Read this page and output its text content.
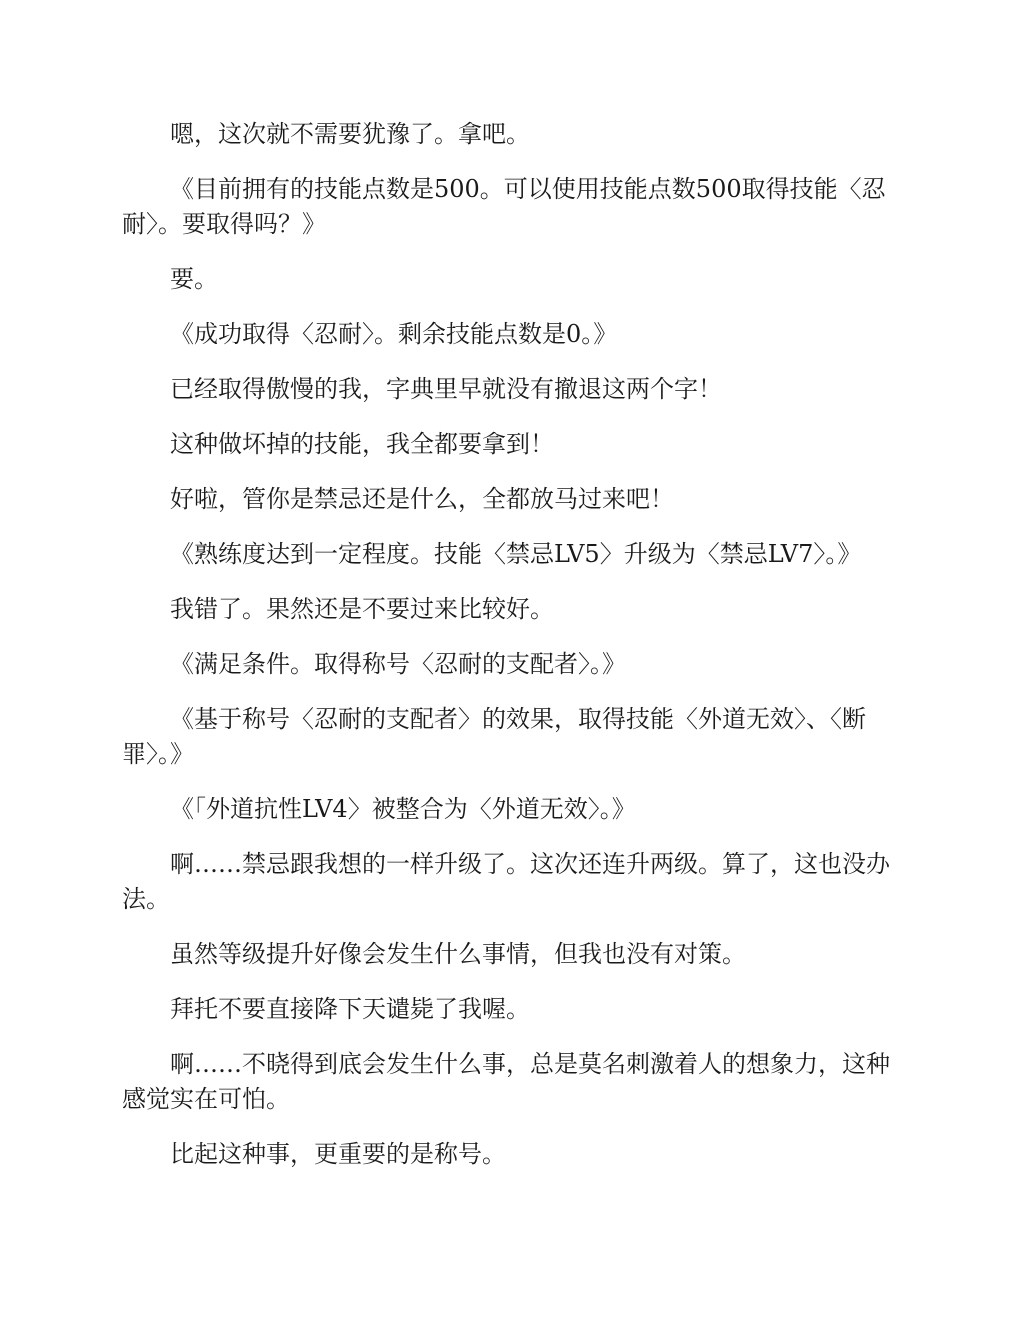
嗯，这次就不需要犹豫了。拿吧。

《目前拥有的技能点数是500。可以使用技能点数500取得技能〈忍耐〉。要取得吗？》

要。

《成功取得〈忍耐〉。剩余技能点数是0。》

已经取得傲慢的我，字典里早就没有撤退这两个字！

这种做坏掉的技能，我全都要拿到！

好啦，管你是禁忌还是什么，全都放马过来吧！

《熟练度达到一定程度。技能〈禁忌LV5〉升级为〈禁忌LV7〉。》

我错了。果然还是不要过来比较好。

《满足条件。取得称号〈忍耐的支配者〉。》

《基于称号〈忍耐的支配者〉的效果，取得技能〈外道无效〉、〈断罪〉。》

《「外道抗性LV4〉被整合为〈外道无效〉。》

啊……禁忌跟我想的一样升级了。这次还连升两级。算了，这也没办法。

虽然等级提升好像会发生什么事情，但我也没有对策。

拜托不要直接降下天谴毙了我喔。

啊……不晓得到底会发生什么事，总是莫名刺激着人的想象力，这种感觉实在可怕。

比起这种事，更重要的是称号。
